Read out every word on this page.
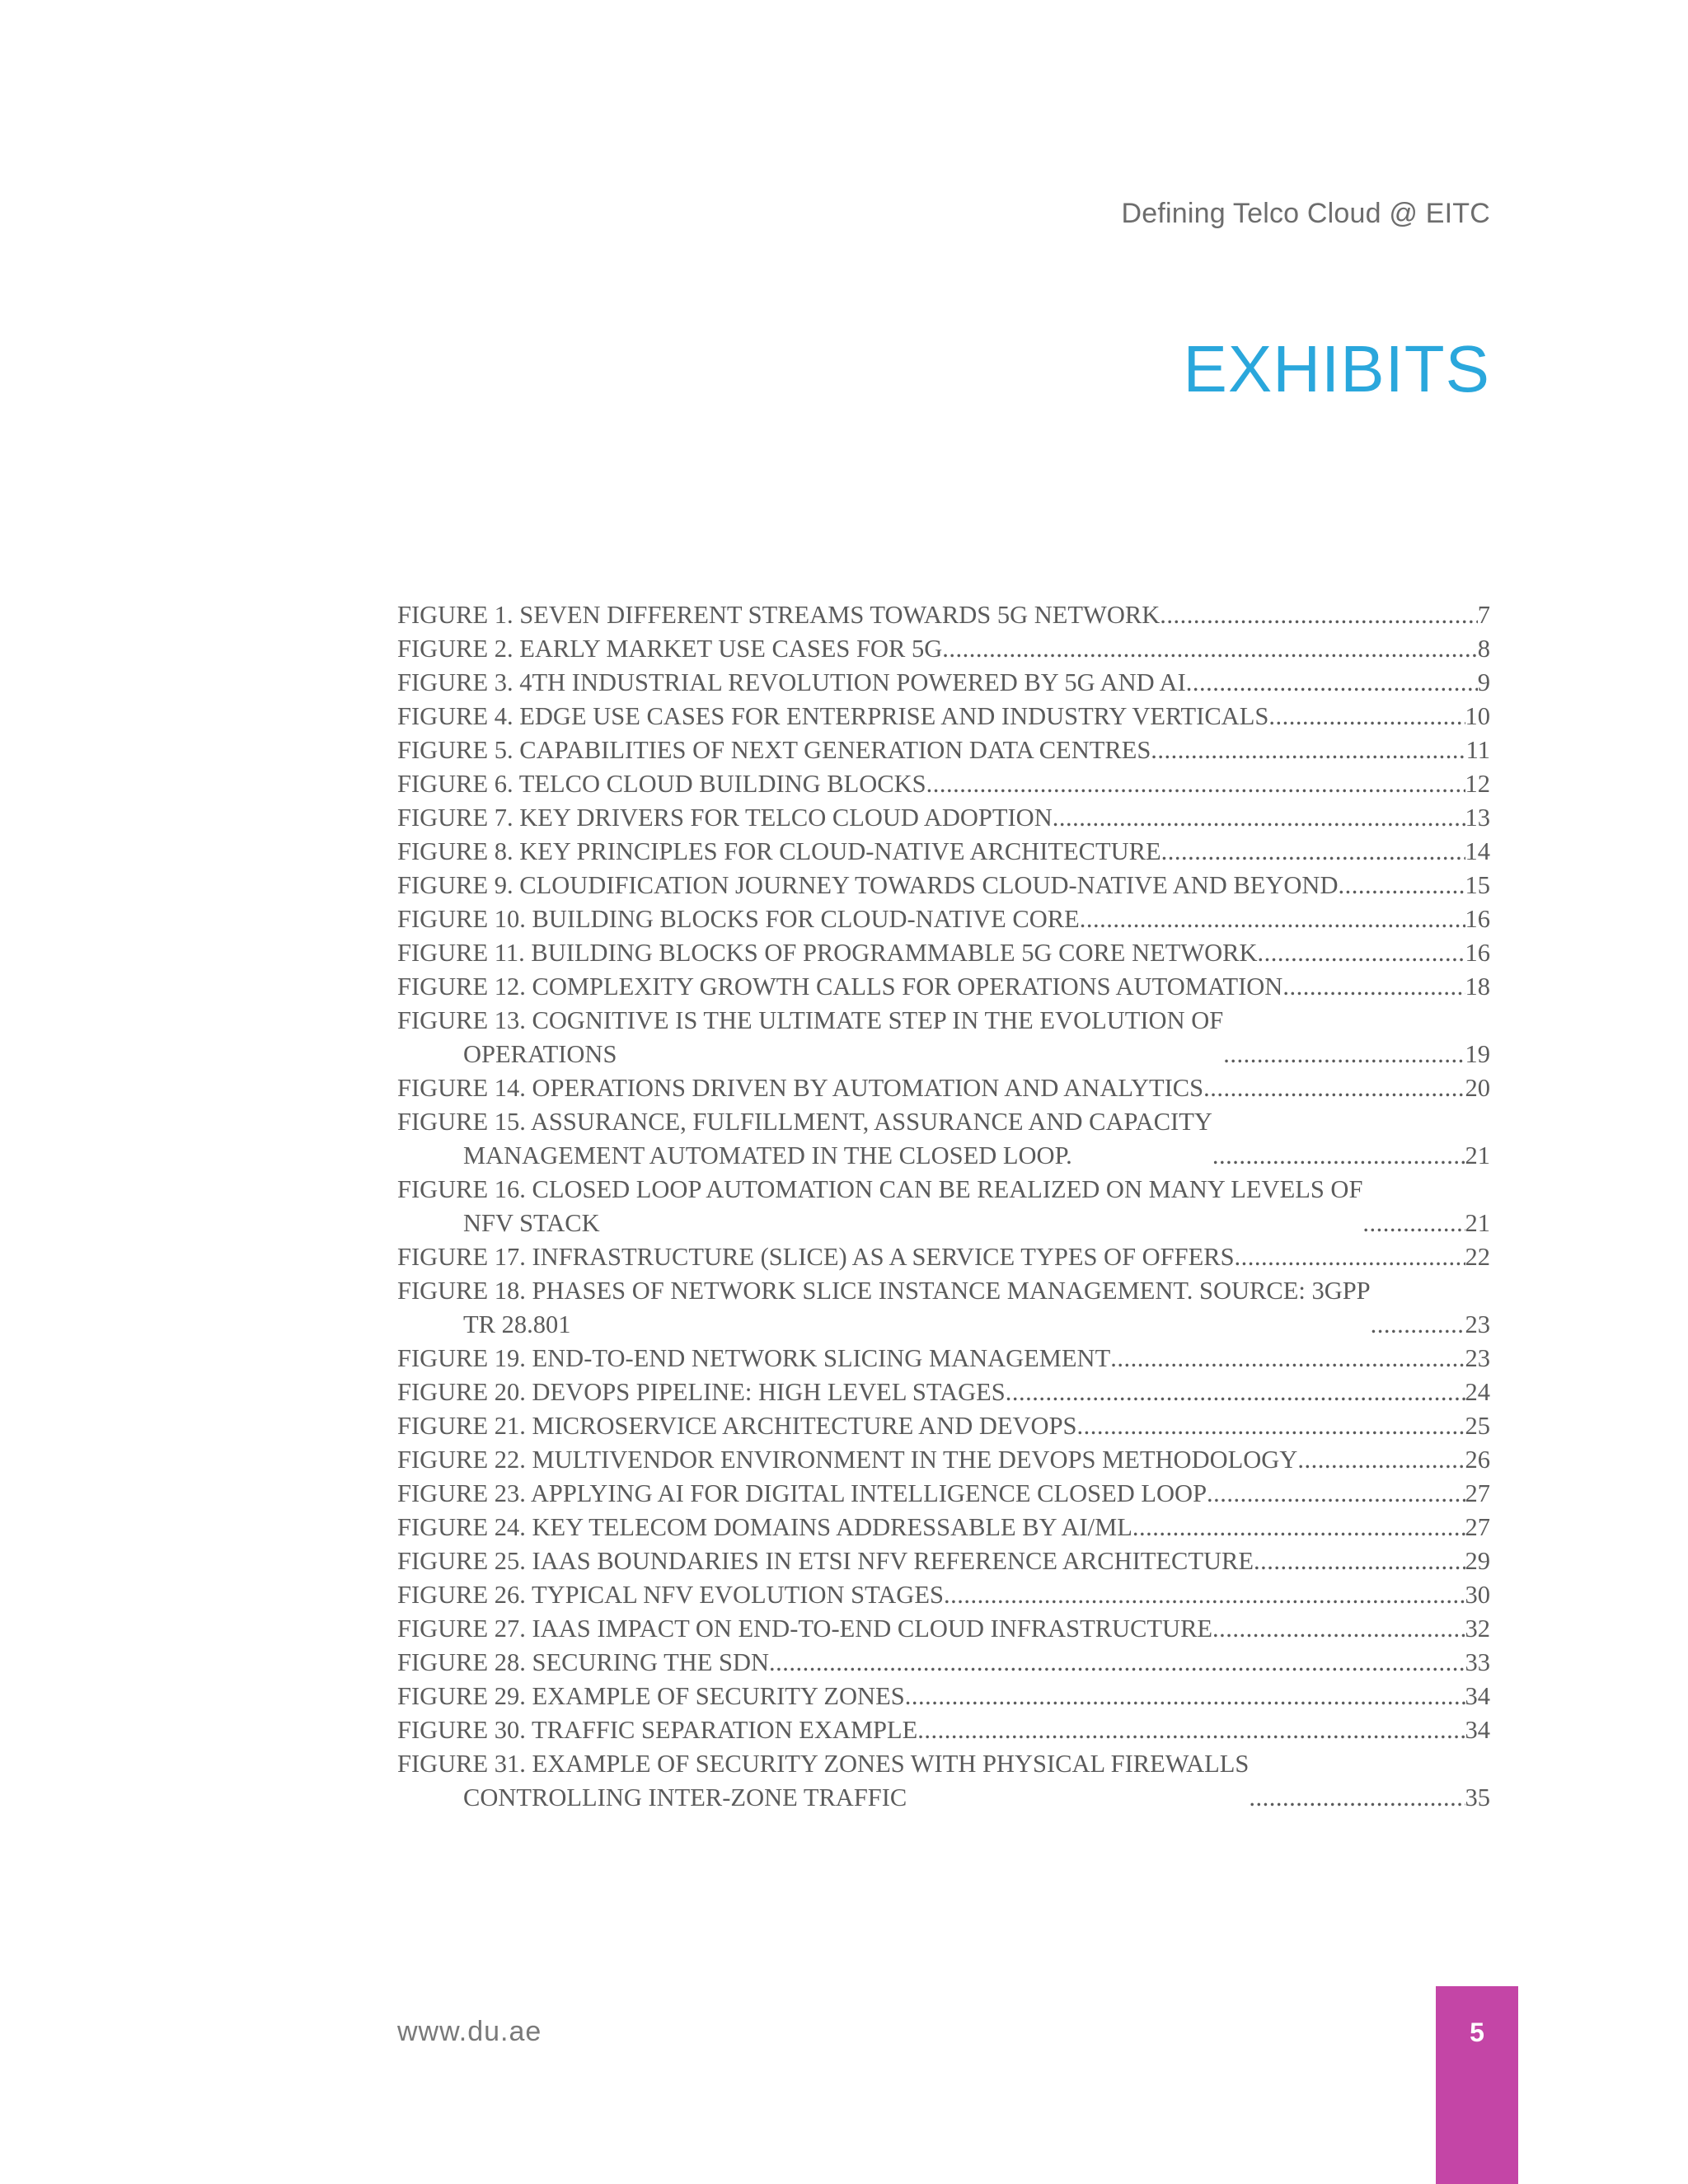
Defining Telco Cloud @ EITC
EXHIBITS
FIGURE 1. SEVEN DIFFERENT STREAMS TOWARDS 5G NETWORK .....	7
FIGURE 2. EARLY MARKET USE CASES FOR 5G .....	8
FIGURE 3. 4TH INDUSTRIAL REVOLUTION POWERED BY 5G AND AI .....	9
FIGURE 4. EDGE USE CASES FOR ENTERPRISE AND INDUSTRY VERTICALS .....	10
FIGURE 5. CAPABILITIES OF NEXT GENERATION DATA CENTRES .....	11
FIGURE 6. TELCO CLOUD BUILDING BLOCKS .....	12
FIGURE 7. KEY DRIVERS FOR TELCO CLOUD ADOPTION .....	13
FIGURE 8. KEY PRINCIPLES FOR CLOUD-NATIVE ARCHITECTURE .....	14
FIGURE 9. CLOUDIFICATION JOURNEY TOWARDS CLOUD-NATIVE AND BEYOND .....	15
FIGURE 10. BUILDING BLOCKS FOR CLOUD-NATIVE CORE .....	16
FIGURE 11. BUILDING BLOCKS OF PROGRAMMABLE 5G CORE NETWORK .....	16
FIGURE 12. COMPLEXITY GROWTH CALLS FOR OPERATIONS AUTOMATION .....	18
FIGURE 13. COGNITIVE IS THE ULTIMATE STEP IN THE EVOLUTION OF
OPERATIONS .....	19
FIGURE 14. OPERATIONS DRIVEN BY AUTOMATION AND ANALYTICS .....	20
FIGURE 15. ASSURANCE, FULFILLMENT, ASSURANCE AND CAPACITY
MANAGEMENT AUTOMATED IN THE CLOSED LOOP. .....	21
FIGURE 16. CLOSED LOOP AUTOMATION CAN BE REALIZED ON MANY LEVELS OF
NFV STACK .....	21
FIGURE 17. INFRASTRUCTURE (SLICE) AS A SERVICE TYPES OF OFFERS .....	22
FIGURE 18. PHASES OF NETWORK SLICE INSTANCE MANAGEMENT. SOURCE: 3GPP
TR 28.801 .....	23
FIGURE 19. END-TO-END NETWORK SLICING MANAGEMENT .....	23
FIGURE 20. DEVOPS PIPELINE: HIGH LEVEL STAGES .....	24
FIGURE 21. MICROSERVICE ARCHITECTURE AND DEVOPS .....	25
FIGURE 22. MULTIVENDOR ENVIRONMENT IN THE DEVOPS METHODOLOGY .....	26
FIGURE 23. APPLYING AI FOR DIGITAL INTELLIGENCE CLOSED LOOP .....	27
FIGURE 24. KEY TELECOM DOMAINS ADDRESSABLE BY AI/ML .....	27
FIGURE 25. IAAS BOUNDARIES IN ETSI NFV REFERENCE ARCHITECTURE .....	29
FIGURE 26. TYPICAL NFV EVOLUTION STAGES .....	30
FIGURE 27. IAAS IMPACT ON END-TO-END CLOUD INFRASTRUCTURE .....	32
FIGURE 28. SECURING THE SDN .....	33
FIGURE 29. EXAMPLE OF SECURITY ZONES .....	34
FIGURE 30. TRAFFIC SEPARATION EXAMPLE .....	34
FIGURE 31. EXAMPLE OF SECURITY ZONES WITH PHYSICAL FIREWALLS
CONTROLLING INTER-ZONE TRAFFIC .....	35
www.du.ae	5
